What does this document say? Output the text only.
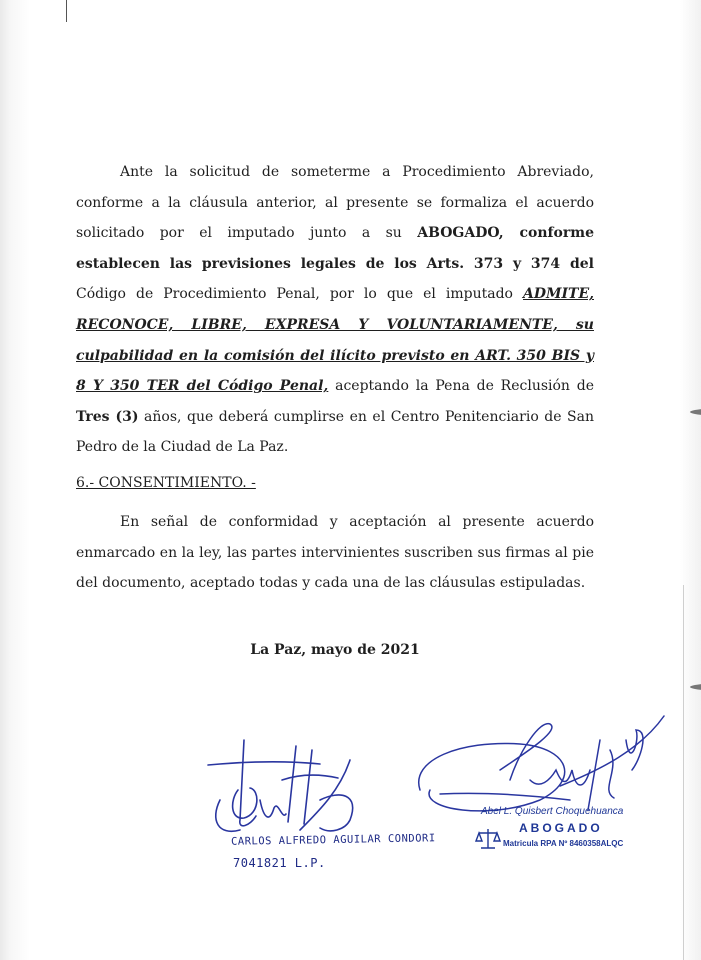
Ante la solicitud de someterme a Procedimiento Abreviado, conforme a la cláusula anterior, al presente se formaliza el acuerdo solicitado por el imputado junto a su ABOGADO, conforme establecen las previsiones legales de los Arts. 373 y 374 del Código de Procedimiento Penal, por lo que el imputado ADMITE, RECONOCE, LIBRE, EXPRESA Y VOLUNTARIAMENTE, su culpabilidad en la comisión del ilícito previsto en ART. 350 BIS y 8 Y 350 TER del Código Penal, aceptando la Pena de Reclusión de Tres (3) años, que deberá cumplirse en el Centro Penitenciario de San Pedro de la Ciudad de La Paz.

6.- CONSENTIMIENTO. -

En señal de conformidad y aceptación al presente acuerdo enmarcado en la ley, las partes intervinientes suscriben sus firmas al pie del documento, aceptado todas y cada una de las cláusulas estipuladas.

La Paz, mayo de 2021
CARLOS ALFREDO AGUILAR CONDORI
7041821 L.P.
Abel L. Quisbert Choquehuanca
ABOGADO
Matricula RPA Nº 8460358ALQC
